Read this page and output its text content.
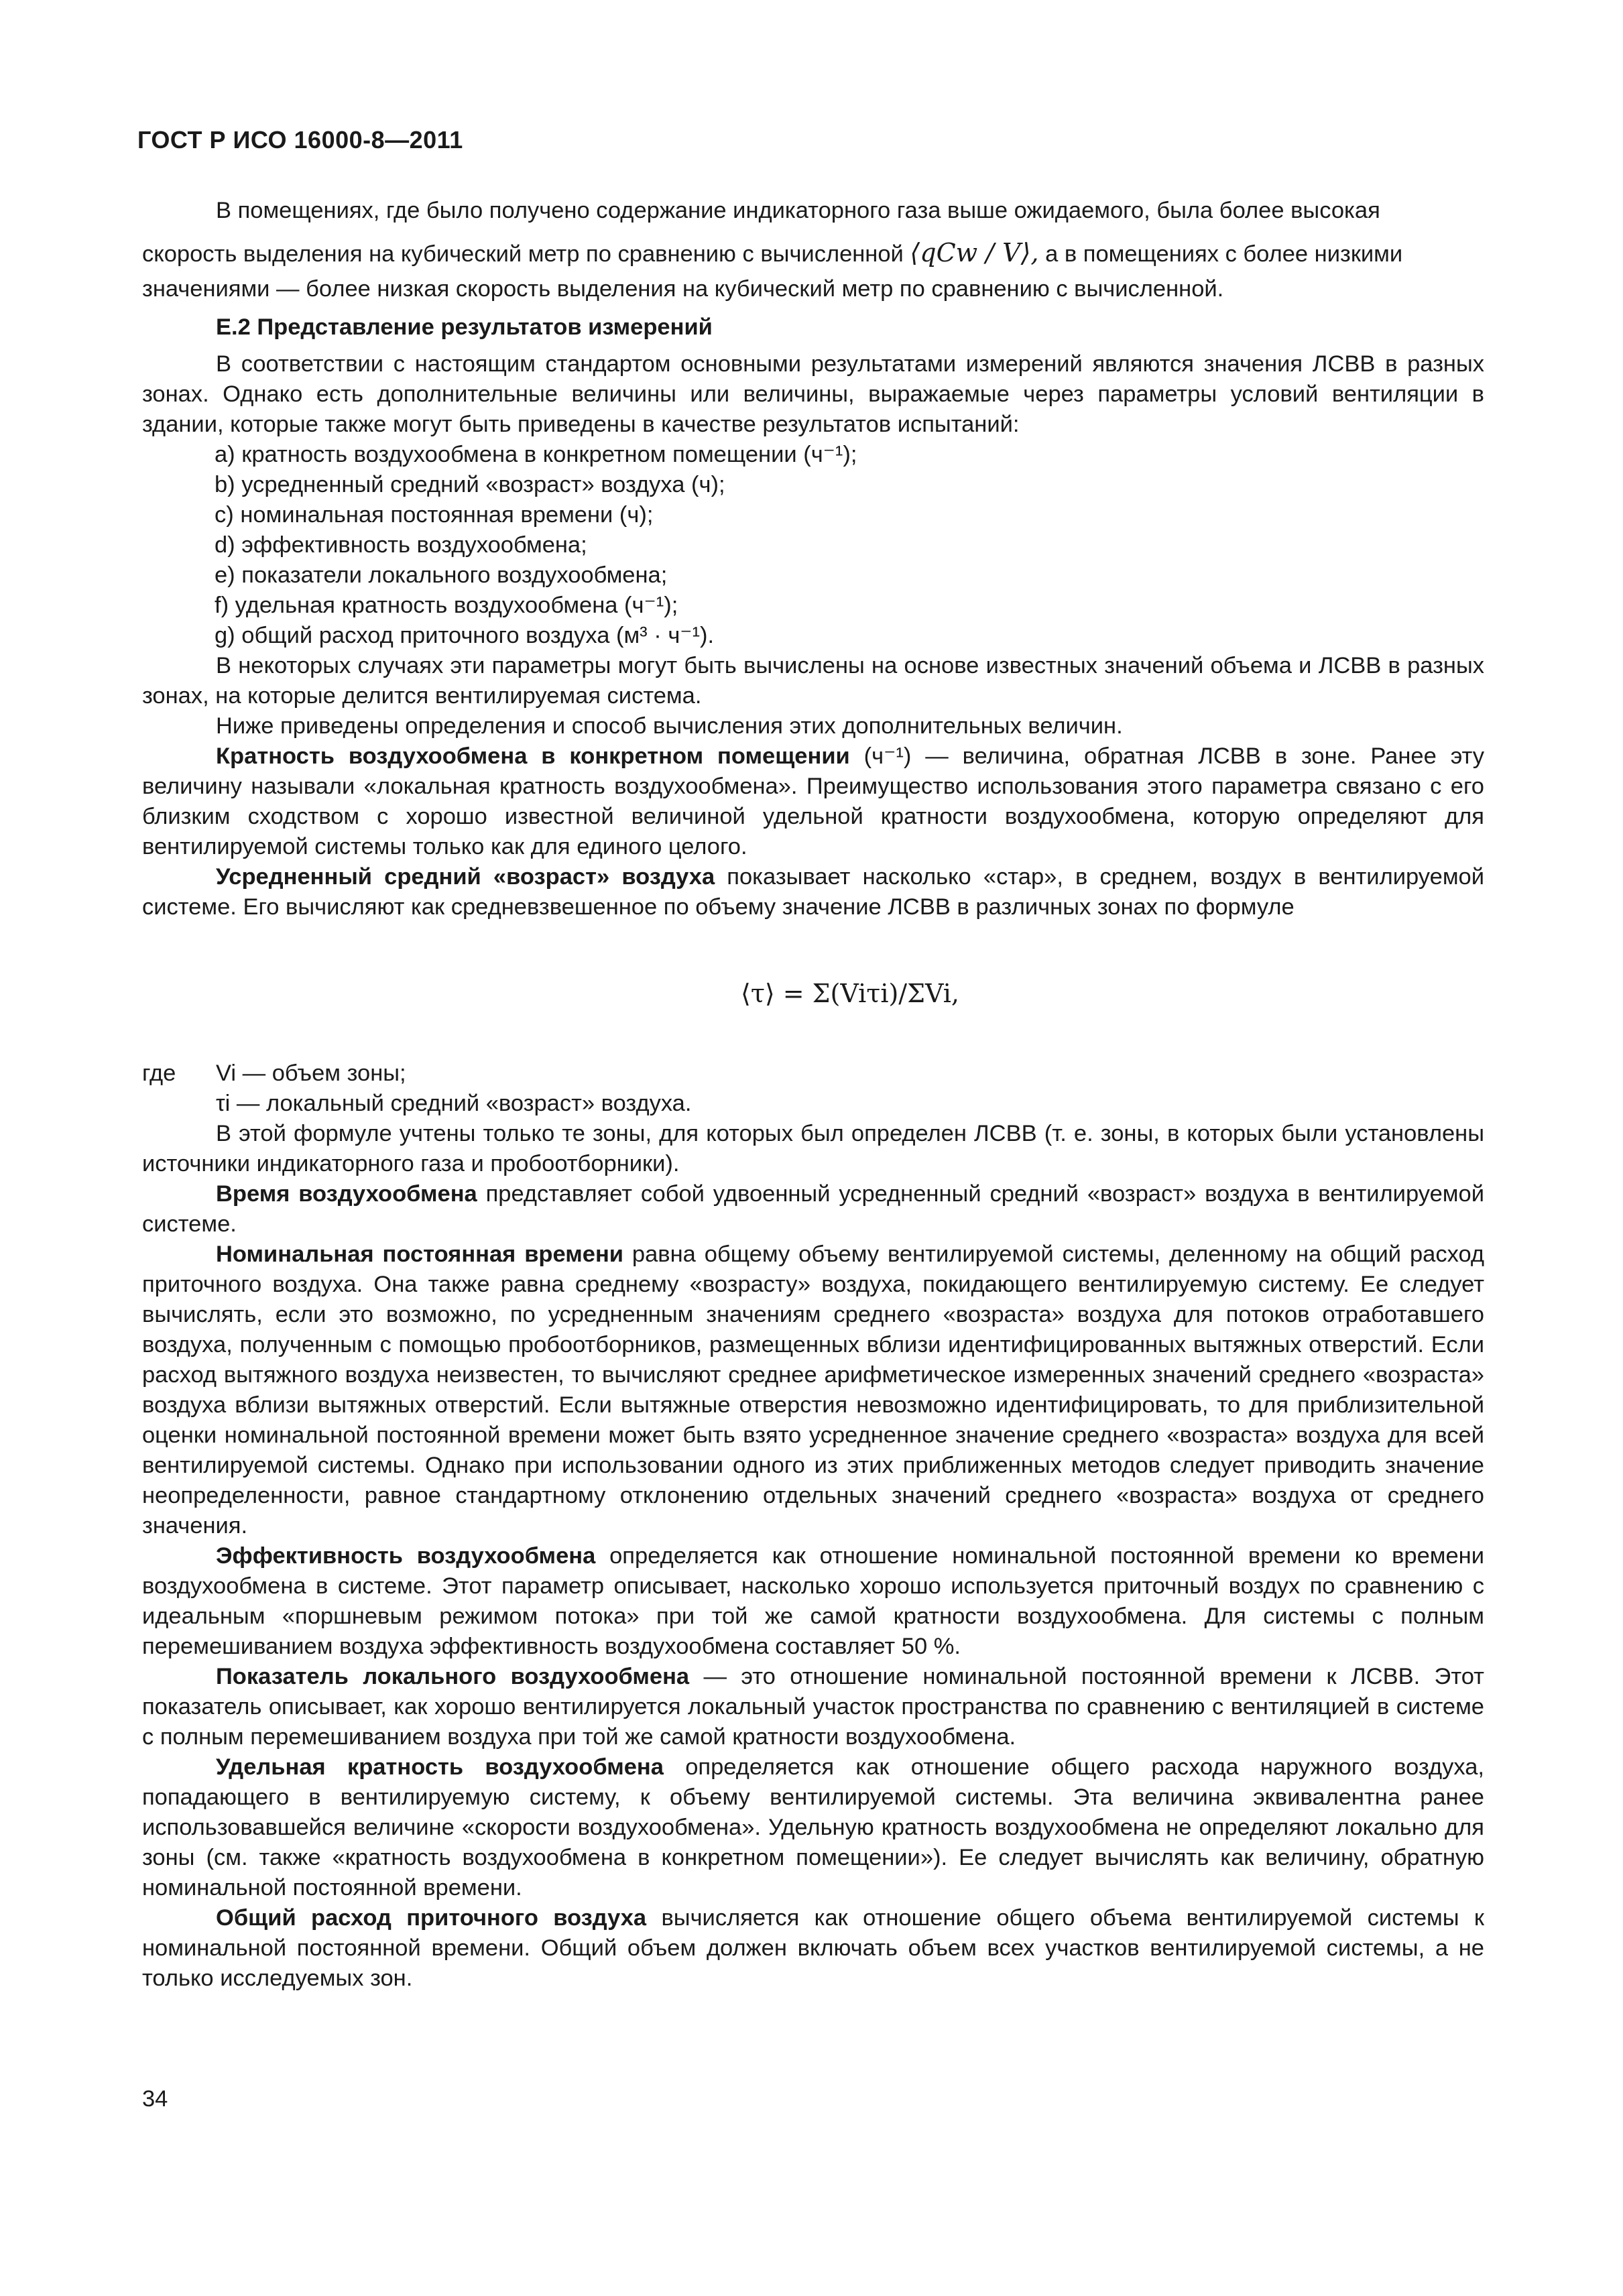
ГОСТ Р ИСО 16000-8—2011

В помещениях, где было получено содержание индикаторного газа выше ожидаемого, была более высокая

скорость выделения на кубический метр по сравнению с вычисленной ⟨qCw / V⟩, а в помещениях с более низкими

значениями — более низкая скорость выделения на кубический метр по сравнению с вычисленной.

Е.2 Представление результатов измерений

В соответствии с настоящим стандартом основными результатами измерений являются значения ЛСВВ в разных зонах. Однако есть дополнительные величины или величины, выражаемые через параметры условий вентиляции в здании, которые также могут быть приведены в качестве результатов испытаний:

a) кратность воздухообмена в конкретном помещении (ч⁻¹);

b) усредненный средний «возраст» воздуха (ч);

c) номинальная постоянная времени (ч);

d) эффективность воздухообмена;

e) показатели локального воздухообмена;

f) удельная кратность воздухообмена (ч⁻¹);

g) общий расход приточного воздуха (м³ · ч⁻¹).

В некоторых случаях эти параметры могут быть вычислены на основе известных значений объема и ЛСВВ в разных зонах, на которые делится вентилируемая система.

Ниже приведены определения и способ вычисления этих дополнительных величин.

Кратность воздухообмена в конкретном помещении (ч⁻¹) — величина, обратная ЛСВВ в зоне. Ранее эту величину называли «локальная кратность воздухообмена». Преимущество использования этого параметра связано с его близким сходством с хорошо известной величиной удельной кратности воздухообмена, которую определяют для вентилируемой системы только как для единого целого.

Усредненный средний «возраст» воздуха показывает насколько «стар», в среднем, воздух в вентилируемой системе. Его вычисляют как средневзвешенное по объему значение ЛСВВ в различных зонах по формуле

⟨τ⟩ = Σ(Viτi)/ΣVi,

где Vi — объем зоны;

τi — локальный средний «возраст» воздуха.

В этой формуле учтены только те зоны, для которых был определен ЛСВВ (т. е. зоны, в которых были установлены источники индикаторного газа и пробоотборники).

Время воздухообмена представляет собой удвоенный усредненный средний «возраст» воздуха в вентилируемой системе.

Номинальная постоянная времени равна общему объему вентилируемой системы, деленному на общий расход приточного воздуха. Она также равна среднему «возрасту» воздуха, покидающего вентилируемую систему. Ее следует вычислять, если это возможно, по усредненным значениям среднего «возраста» воздуха для потоков отработавшего воздуха, полученным с помощью пробоотборников, размещенных вблизи идентифицированных вытяжных отверстий. Если расход вытяжного воздуха неизвестен, то вычисляют среднее арифметическое измеренных значений среднего «возраста» воздуха вблизи вытяжных отверстий. Если вытяжные отверстия невозможно идентифицировать, то для приблизительной оценки номинальной постоянной времени может быть взято усредненное значение среднего «возраста» воздуха для всей вентилируемой системы. Однако при использовании одного из этих приближенных методов следует приводить значение неопределенности, равное стандартному отклонению отдельных значений среднего «возраста» воздуха от среднего значения.

Эффективность воздухообмена определяется как отношение номинальной постоянной времени ко времени воздухообмена в системе. Этот параметр описывает, насколько хорошо используется приточный воздух по сравнению с идеальным «поршневым режимом потока» при той же самой кратности воздухообмена. Для системы с полным перемешиванием воздуха эффективность воздухообмена составляет 50 %.

Показатель локального воздухообмена — это отношение номинальной постоянной времени к ЛСВВ. Этот показатель описывает, как хорошо вентилируется локальный участок пространства по сравнению с вентиляцией в системе с полным перемешиванием воздуха при той же самой кратности воздухообмена.

Удельная кратность воздухообмена определяется как отношение общего расхода наружного воздуха, попадающего в вентилируемую систему, к объему вентилируемой системы. Эта величина эквивалентна ранее использовавшейся величине «скорости воздухообмена». Удельную кратность воздухообмена не определяют локально для зоны (см. также «кратность воздухообмена в конкретном помещении»). Ее следует вычислять как величину, обратную номинальной постоянной времени.

Общий расход приточного воздуха вычисляется как отношение общего объема вентилируемой системы к номинальной постоянной времени. Общий объем должен включать объем всех участков вентилируемой системы, а не только исследуемых зон.

34
